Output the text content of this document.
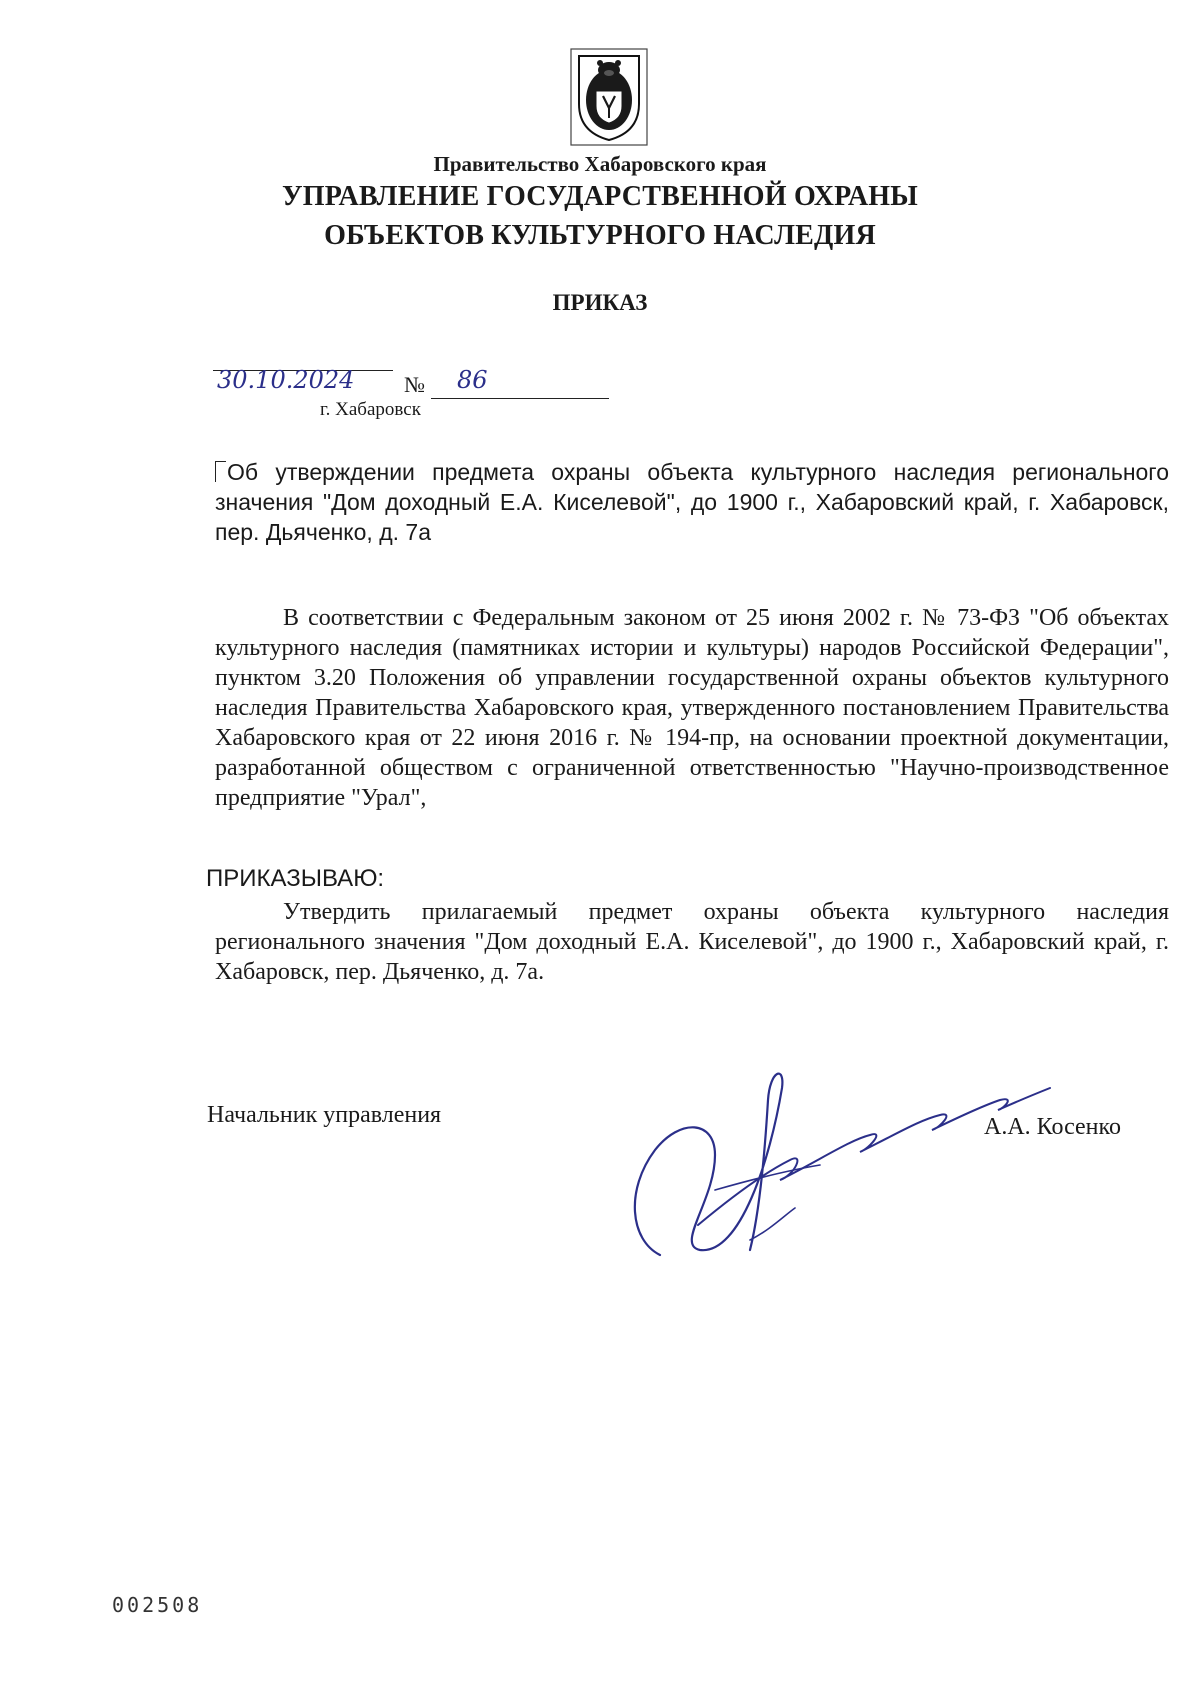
Правительство Хабаровского края
УПРАВЛЕНИЕ ГОСУДАРСТВЕННОЙ ОХРАНЫ
ОБЪЕКТОВ КУЛЬТУРНОГО НАСЛЕДИЯ
ПРИКАЗ
30.10.2024 № 86
г. Хабаровск

Об утверждении предмета охраны объекта культурного наследия регионального значения "Дом доходный Е.А. Киселевой", до 1900 г., Хабаровский край, г. Хабаровск, пер. Дьяченко, д. 7а

В соответствии с Федеральным законом от 25 июня 2002 г. № 73-ФЗ "Об объектах культурного наследия (памятниках истории и культуры) народов Российской Федерации", пунктом 3.20 Положения об управлении государственной охраны объектов культурного наследия Правительства Хабаровского края, утвержденного постановлением Правительства Хабаровского края от 22 июня 2016 г. № 194-пр, на основании проектной документации, разработанной обществом с ограниченной ответственностью "Научно-производственное предприятие "Урал",

ПРИКАЗЫВАЮ:

Утвердить прилагаемый предмет охраны объекта культурного наследия регионального значения "Дом доходный Е.А. Киселевой", до 1900 г., Хабаровский край, г. Хабаровск, пер. Дьяченко, д. 7а.

Начальник управления	А.А. Косенко
002508
